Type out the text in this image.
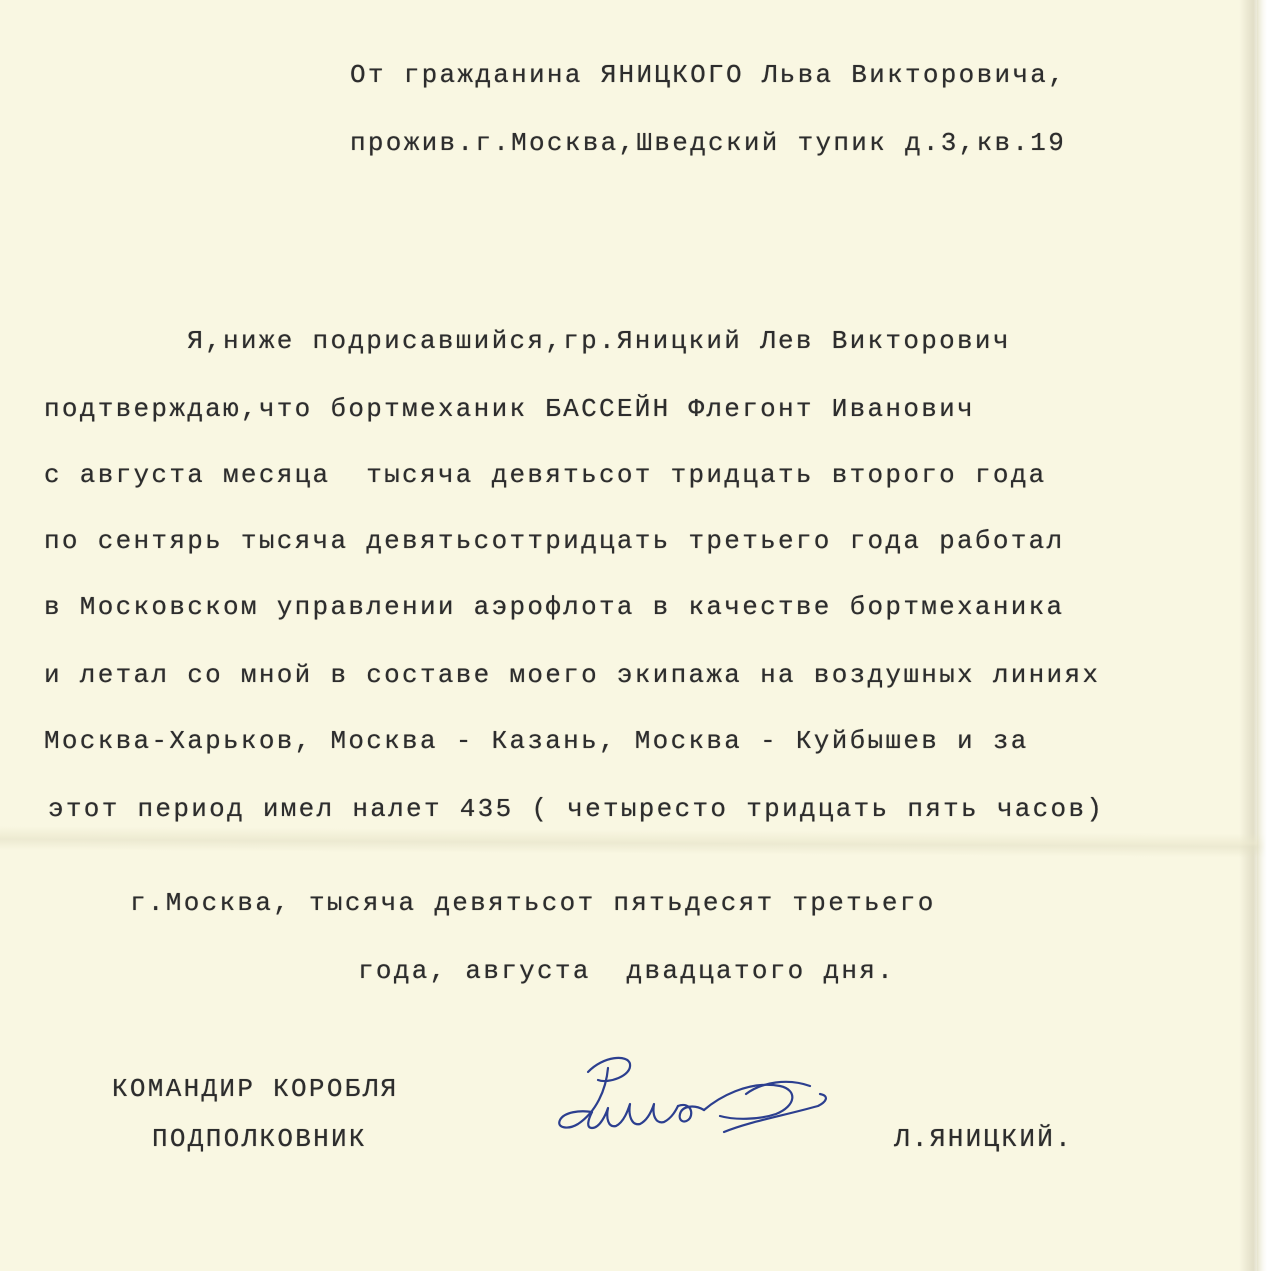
От гражданина ЯНИЦКОГО Льва Викторовича,
прожив.г.Москва,Шведский тупик д.3,кв.19
Я,ниже подрисавшийся,гр.Яницкий Лев Викторович
подтверждаю,что бортмеханик БАССЕЙН Флегонт Иванович
с августа месяца  тысяча девятьсот тридцать второго года
по сентярь тысяча девятьсоттридцать третьего года работал
в Московском управлении аэрофлота в качестве бортмеханика
и летал со мной в составе моего экипажа на воздушных линиях
Москва-Харьков, Москва - Казань, Москва - Куйбышев и за
этот период имел налет 435 ( четыресто тридцать пять часов)
г.Москва, тысяча девятьсот пятьдесят третьего
года, августа  двадцатого дня.
КОМАНДИР КОРОБЛЯ
ПОДПОЛКОВНИК	Л.ЯНИЦКИЙ.
